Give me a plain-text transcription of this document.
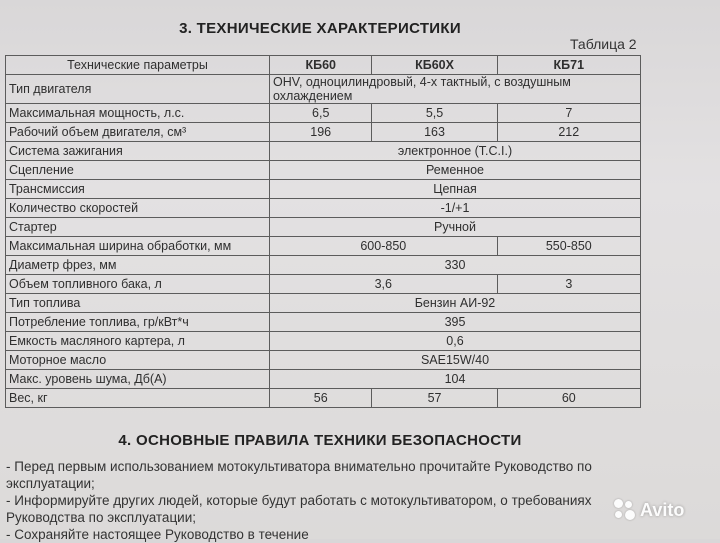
3. ТЕХНИЧЕСКИЕ ХАРАКТЕРИСТИКИ
Таблица 2
Технические параметры	КБ60	КБ60Х	КБ71
Тип двигателя	OHV, одноцилиндровый, 4-х тактный, с воздушным охлаждением		
Максимальная мощность, л.с.	6,5	5,5	7
Рабочий объем двигателя, см³	196	163	212
Система зажигания	электронное (T.C.I.)		
Сцепление	Ременное		
Трансмиссия	Цепная		
Количество скоростей	-1/+1		
Стартер	Ручной		
Максимальная ширина обработки, мм	600-850		550-850
Диаметр фрез, мм	330		
Объем топливного бака, л	3,6		3
Тип топлива	Бензин АИ-92		
Потребление топлива, гр/кВт*ч	395		
Емкость масляного картера, л	0,6		
Моторное масло	SAE15W/40		
Макс. уровень шума, Дб(А)	104		
Вес, кг	56	57	60
4. ОСНОВНЫЕ ПРАВИЛА ТЕХНИКИ БЕЗОПАСНОСТИ
- Перед первым использованием мотокультиватора внимательно прочитайте Руководство по эксплуатации;
- Информируйте других людей, которые будут работать с мотокультиватором, о требованиях Руководства по эксплуатации;
- Сохраняйте настоящее Руководство в течение
Avito
